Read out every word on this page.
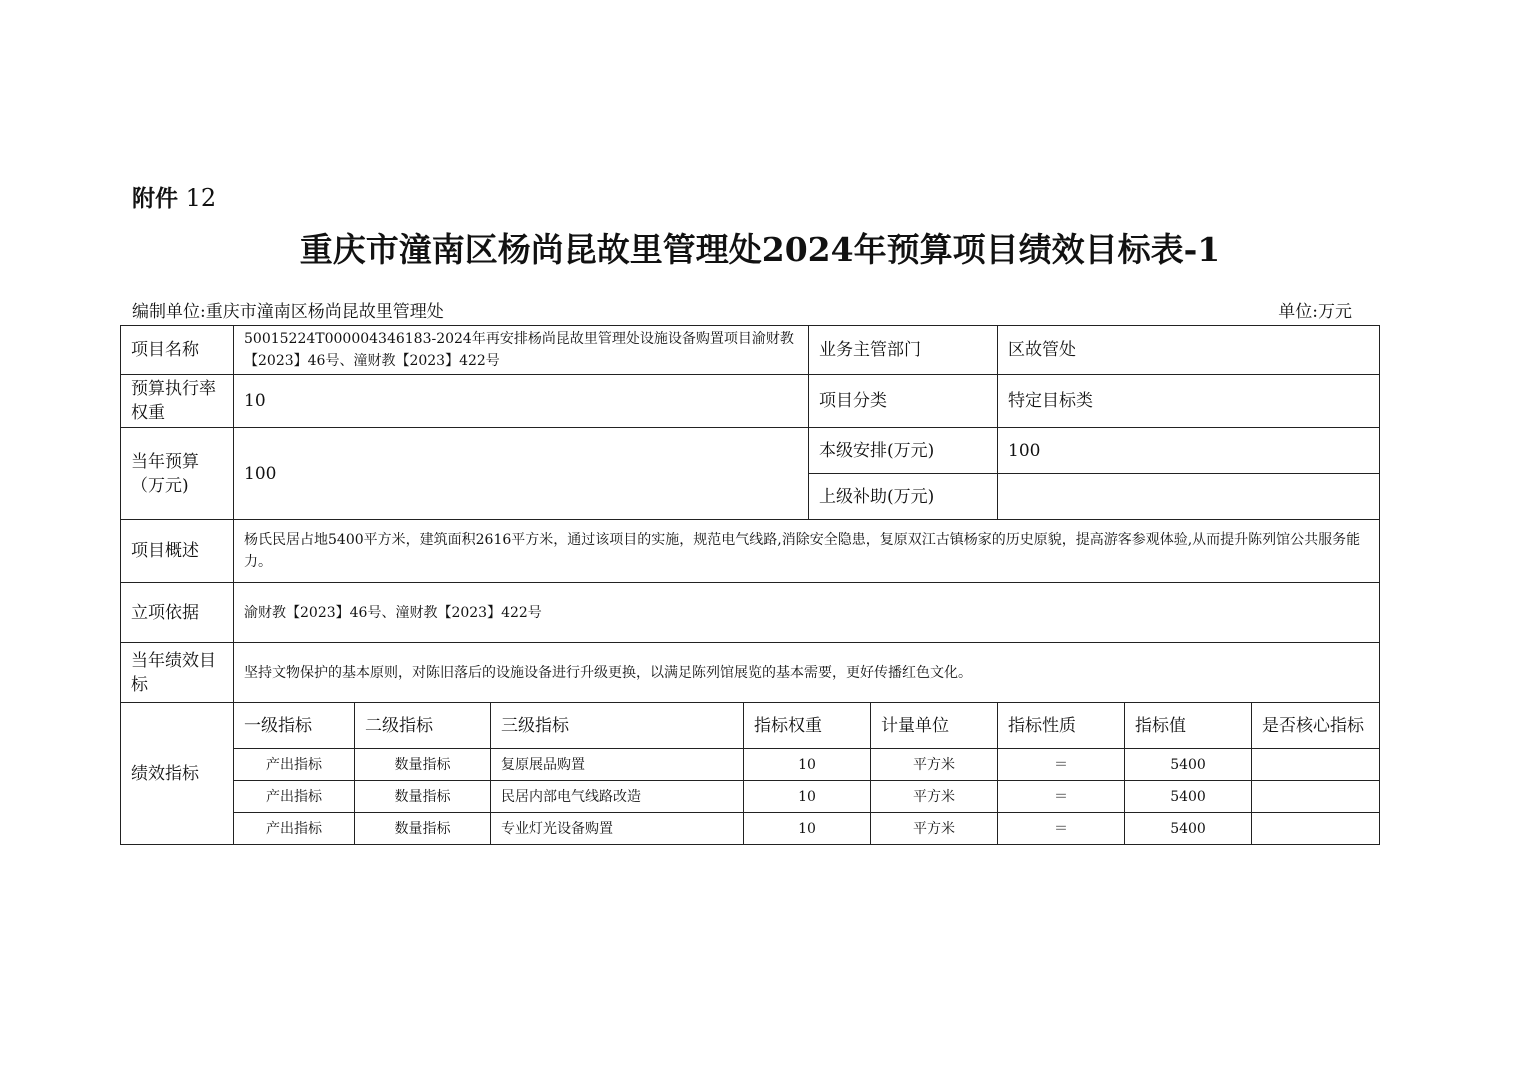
附件 12
重庆市潼南区杨尚昆故里管理处2024年预算项目绩效目标表-1
编制单位:重庆市潼南区杨尚昆故里管理处	单位:万元
项目名称	50015224T000004346183-2024年再安排杨尚昆故里管理处设施设备购置项目渝财教【2023】46号、潼财教【2023】422号				业务主管部门		区故管处		
预算执行率权重	10				项目分类		特定目标类		
当年预算（万元)	100				本级安排(万元)		100		
					上级补助(万元)				
项目概述	杨氏民居占地5400平方米，建筑面积2616平方米，通过该项目的实施，规范电气线路,消除安全隐患，复原双江古镇杨家的历史原貌，提高游客参观体验,从而提升陈列馆公共服务能力。								
立项依据	渝财教【2023】46号、潼财教【2023】422号								
当年绩效目标	坚持文物保护的基本原则，对陈旧落后的设施设备进行升级更换，以满足陈列馆展览的基本需要，更好传播红色文化。								
绩效指标	一级指标	二级指标	三级指标	指标权重		计量单位	指标性质	指标值	是否核心指标
	产出指标	数量指标	复原展品购置	10		平方米	＝	5400	
	产出指标	数量指标	民居内部电气线路改造	10		平方米	＝	5400	
	产出指标	数量指标	专业灯光设备购置	10		平方米	＝	5400	
